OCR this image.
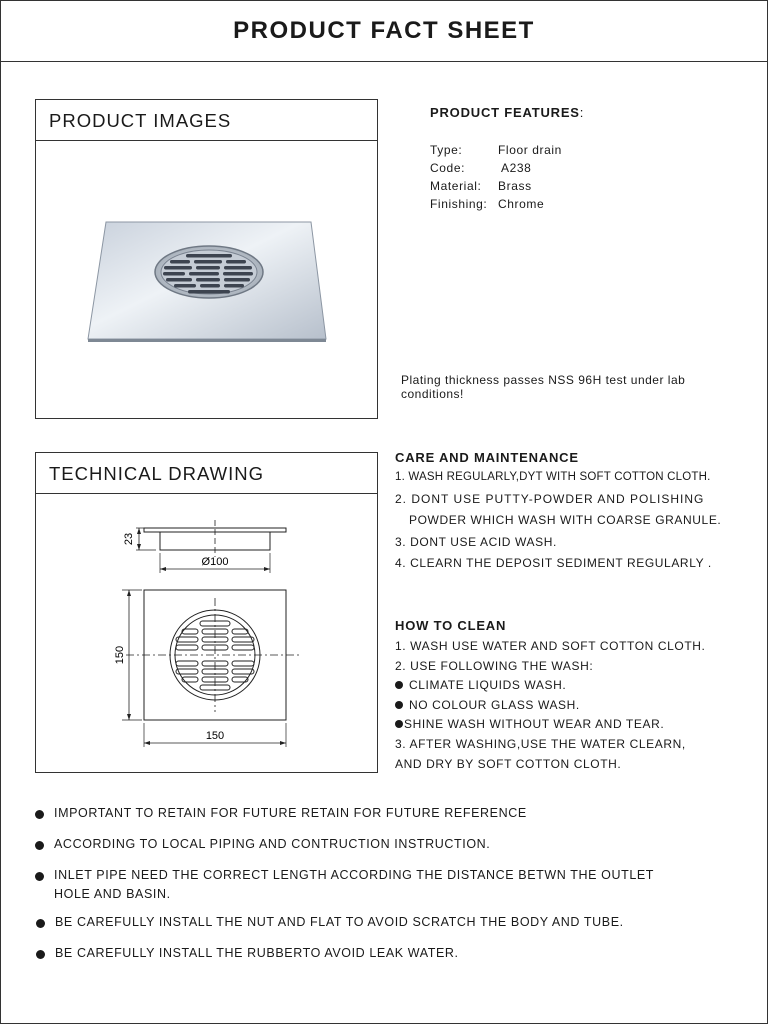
PRODUCT FACT SHEET
PRODUCT IMAGES	PRODUCT FEATURES:
Type:	Floor drain
Code:	A238
Material:	Brass
Finishing: Chrome
Plating thickness passes NSS 96H test under lab conditions!
TECHNICAL DRAWING
23
Ø100
150
150
CARE AND MAINTENANCE
1. WASH REGULARLY,DYT WITH SOFT COTTON CLOTH.
2. DONT USE PUTTY-POWDER AND POLISHING
POWDER WHICH WASH WITH COARSE GRANULE.
3. DONT USE ACID WASH.
4. CLEARN THE DEPOSIT SEDIMENT REGULARLY .
HOW TO CLEAN
1. WASH USE WATER AND SOFT COTTON CLOTH.
2. USE FOLLOWING THE WASH:
CLIMATE LIQUIDS WASH.
NO COLOUR GLASS WASH.
SHINE WASH WITHOUT WEAR AND TEAR.
3. AFTER WASHING,USE THE WATER CLEARN,
AND DRY BY SOFT COTTON CLOTH.
IMPORTANT TO RETAIN FOR FUTURE RETAIN FOR FUTURE REFERENCE
ACCORDING TO LOCAL PIPING AND CONTRUCTION INSTRUCTION.
INLET PIPE NEED THE CORRECT LENGTH ACCORDING THE DISTANCE BETWN THE OUTLET
HOLE AND BASIN.
BE CAREFULLY INSTALL THE NUT AND FLAT TO AVOID SCRATCH THE BODY AND TUBE.
BE CAREFULLY INSTALL THE RUBBERTO AVOID LEAK WATER.
